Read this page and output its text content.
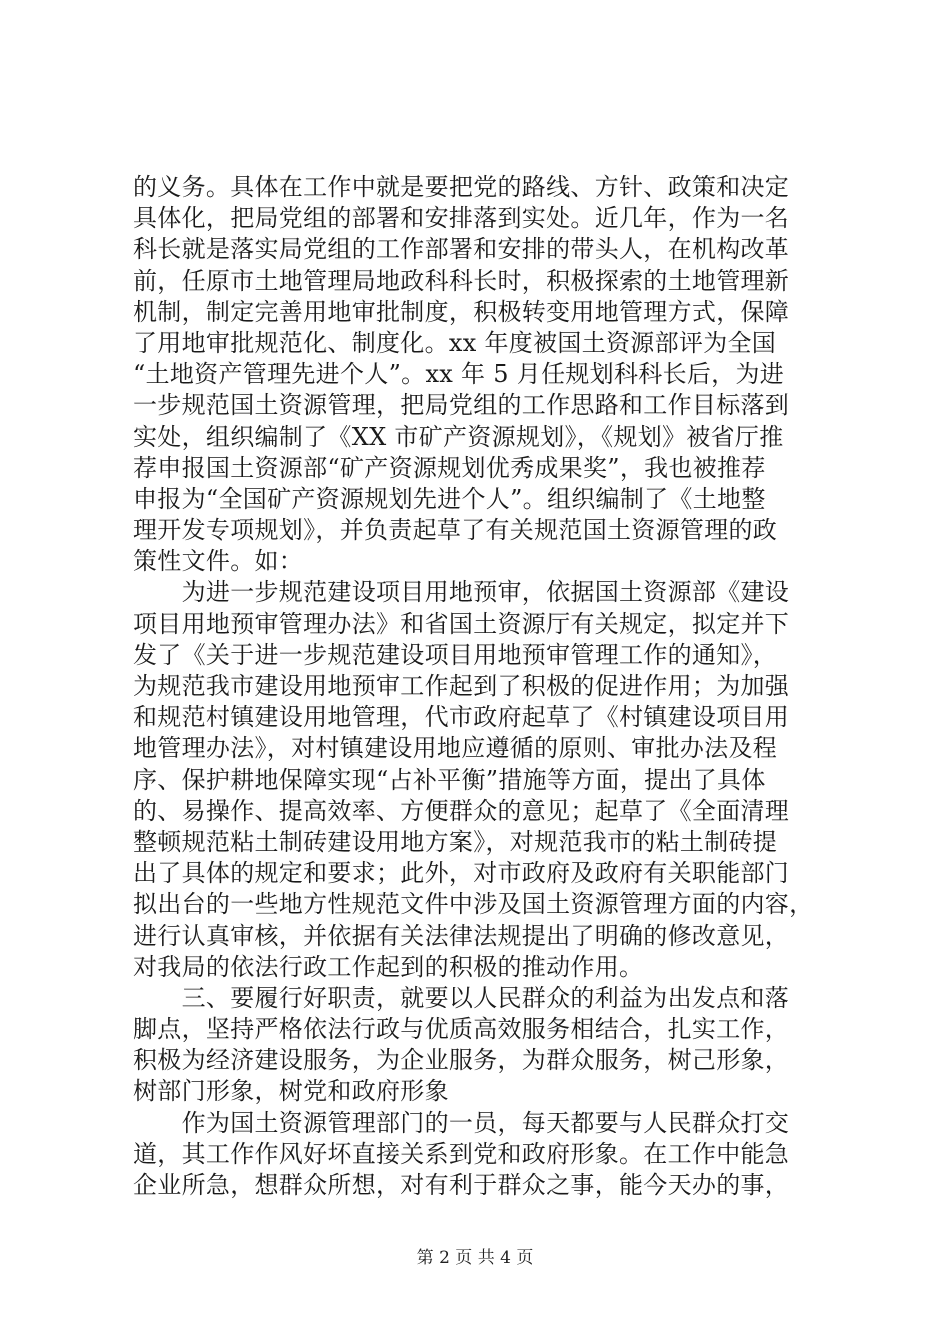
的义务。具体在工作中就是要把党的路线、方针、政策和决定
具体化，把局党组的部署和安排落到实处。近几年，作为一名
科长就是落实局党组的工作部署和安排的带头人，在机构改革
前，任原市土地管理局地政科科长时，积极探索的土地管理新
机制，制定完善用地审批制度，积极转变用地管理方式，保障
了用地审批规范化、制度化。xx 年度被国土资源部评为全国
“土地资产管理先进个人”。xx 年 5 月任规划科科长后，为进
一步规范国土资源管理，把局党组的工作思路和工作目标落到
实处，组织编制了《XX 市矿产资源规划》，《规划》被省厅推
荐申报国土资源部“矿产资源规划优秀成果奖”，我也被推荐
申报为“全国矿产资源规划先进个人”。组织编制了《土地整
理开发专项规划》，并负责起草了有关规范国土资源管理的政
策性文件。如：
　　为进一步规范建设项目用地预审，依据国土资源部《建设
项目用地预审管理办法》和省国土资源厅有关规定，拟定并下
发了《关于进一步规范建设项目用地预审管理工作的通知》，
为规范我市建设用地预审工作起到了积极的促进作用；为加强
和规范村镇建设用地管理，代市政府起草了《村镇建设项目用
地管理办法》，对村镇建设用地应遵循的原则、审批办法及程
序、保护耕地保障实现“占补平衡”措施等方面，提出了具体
的、易操作、提高效率、方便群众的意见；起草了《全面清理
整顿规范粘土制砖建设用地方案》，对规范我市的粘土制砖提
出了具体的规定和要求；此外，对市政府及政府有关职能部门
拟出台的一些地方性规范文件中涉及国土资源管理方面的内容，
进行认真审核，并依据有关法律法规提出了明确的修改意见，
对我局的依法行政工作起到的积极的推动作用。
　　三、要履行好职责，就要以人民群众的利益为出发点和落
脚点，坚持严格依法行政与优质高效服务相结合，扎实工作，
积极为经济建设服务，为企业服务，为群众服务，树己形象，
树部门形象，树党和政府形象
　　作为国土资源管理部门的一员，每天都要与人民群众打交
道，其工作作风好坏直接关系到党和政府形象。在工作中能急
企业所急，想群众所想，对有利于群众之事，能今天办的事，
第 2 页 共 4 页
